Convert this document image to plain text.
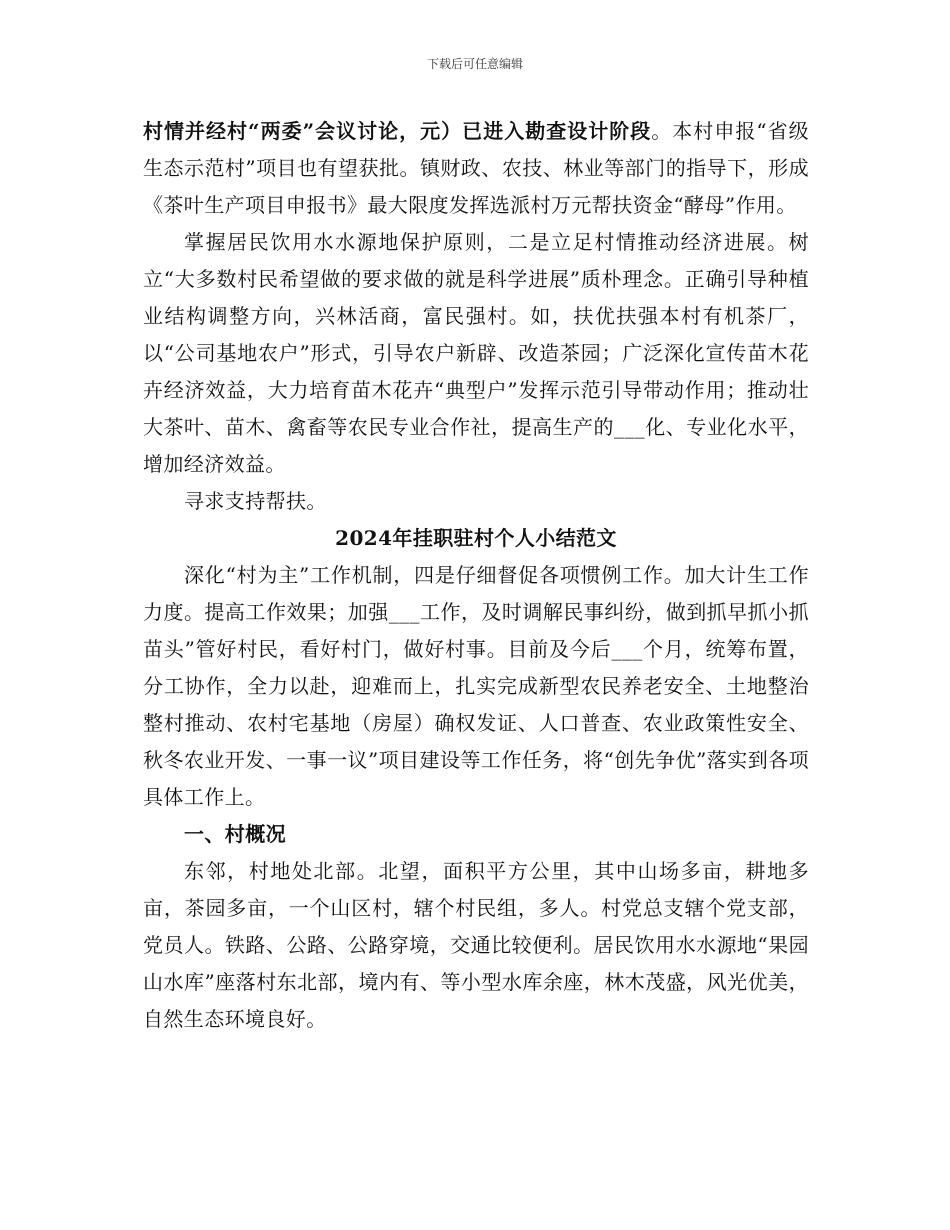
下载后可任意编辑

村情并经村“两委”会议讨论，元）已进入勘查设计阶段。本村申报“省级生态示范村”项目也有望获批。镇财政、农技、林业等部门的指导下，形成《茶叶生产项目申报书》最大限度发挥选派村万元帮扶资金“酵母”作用。

掌握居民饮用水水源地保护原则，二是立足村情推动经济进展。树立“大多数村民希望做的要求做的就是科学进展”质朴理念。正确引导种植业结构调整方向，兴林活商，富民强村。如，扶优扶强本村有机茶厂，以“公司基地农户”形式，引导农户新辟、改造茶园；广泛深化宣传苗木花卉经济效益，大力培育苗木花卉“典型户”发挥示范引导带动作用；推动壮大茶叶、苗木、禽畜等农民专业合作社，提高生产的___化、专业化水平，增加经济效益。

寻求支持帮扶。

2024年挂职驻村个人小结范文

深化“村为主”工作机制，四是仔细督促各项惯例工作。加大计生工作力度。提高工作效果；加强___工作，及时调解民事纠纷，做到抓早抓小抓苗头”管好村民，看好村门，做好村事。目前及今后___个月，统筹布置，分工协作，全力以赴，迎难而上，扎实完成新型农民养老安全、土地整治整村推动、农村宅基地（房屋）确权发证、人口普查、农业政策性安全、秋冬农业开发、一事一议”项目建设等工作任务，将“创先争优”落实到各项具体工作上。

一、村概况

东邻，村地处北部。北望，面积平方公里，其中山场多亩，耕地多亩，茶园多亩，一个山区村，辖个村民组，多人。村党总支辖个党支部，党员人。铁路、公路、公路穿境，交通比较便利。居民饮用水水源地“果园山水库”座落村东北部，境内有、等小型水库余座，林木茂盛，风光优美，自然生态环境良好。
